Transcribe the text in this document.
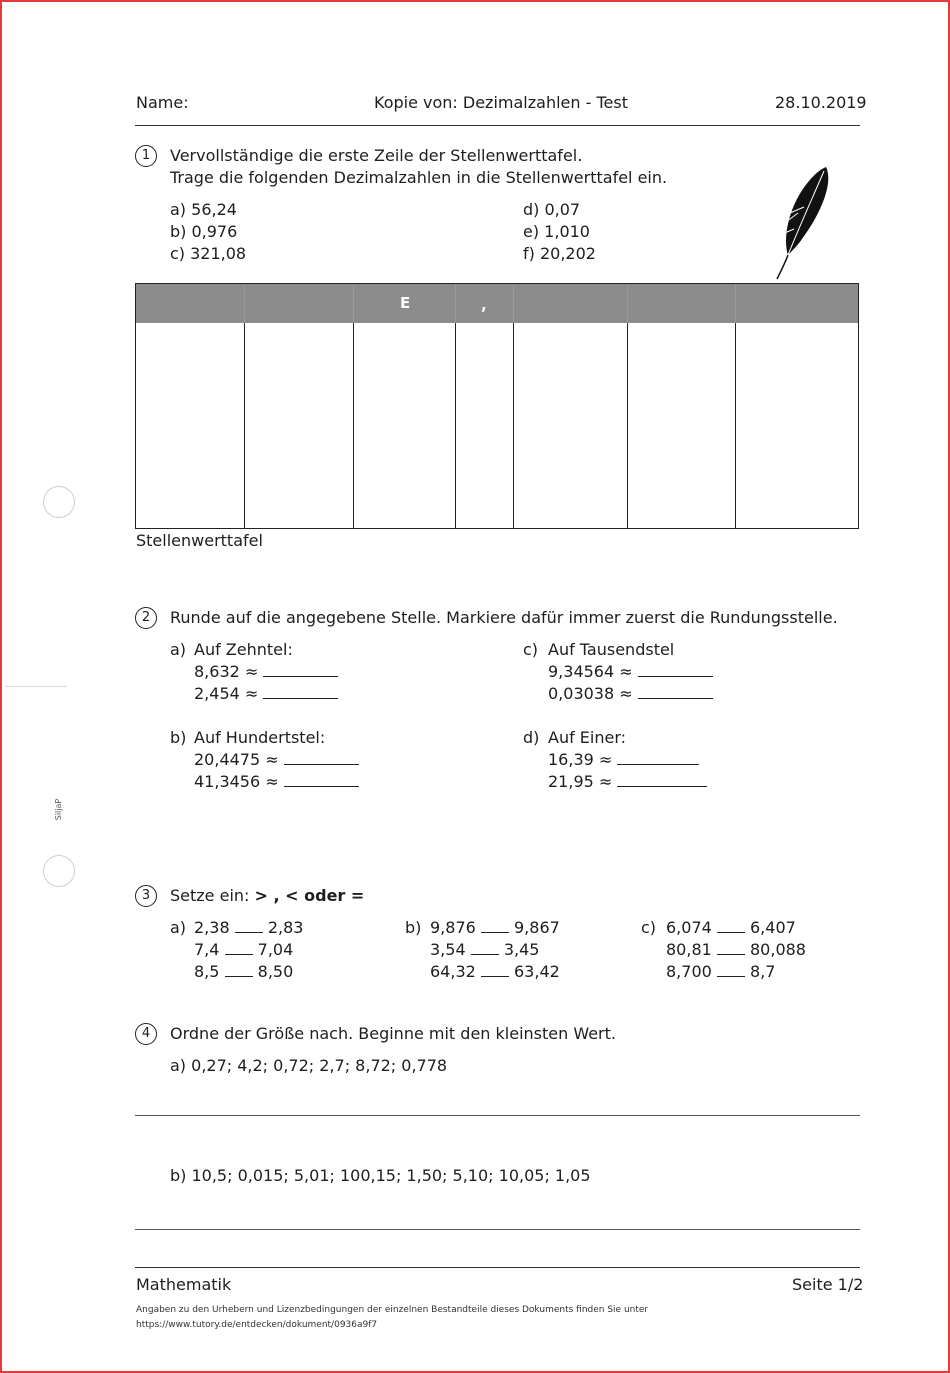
Name:	Kopie von: Dezimalzahlen - Test	28.10.2019
SiljaP
1	Vervollständige die erste Zeile der Stellenwerttafel.
Trage die folgenden Dezimalzahlen in die Stellenwerttafel ein.
a) 56,24
b) 0,976
c) 321,08
d) 0,07
e) 1,010
f) 20,202
E	,
Stellenwerttafel
2	Runde auf die angegebene Stelle. Markiere dafür immer zuerst die Rundungsstelle.
a) Auf Zehntel:
8,632 ≈
2,454 ≈
b) Auf Hundertstel:
20,4475 ≈
41,3456 ≈
c) Auf Tausendstel
9,34564 ≈
0,03038 ≈
d) Auf Einer:
16,39 ≈
21,95 ≈
3	Setze ein: > , < oder =
a) 2,38 2,83
7,4 7,04
8,5 8,50
b) 9,876 9,867
3,54 3,45
64,32 63,42
c) 6,074 6,407
80,81 80,088
8,700 8,7
4	Ordne der Größe nach. Beginne mit den kleinsten Wert.
a) 0,27; 4,2; 0,72; 2,7; 8,72; 0,778
b) 10,5; 0,015; 5,01; 100,15; 1,50; 5,10; 10,05; 1,05
Mathematik	Seite 1/2
Angaben zu den Urhebern und Lizenzbedingungen der einzelnen Bestandteile dieses Dokuments finden Sie unter
https://www.tutory.de/entdecken/dokument/0936a9f7
